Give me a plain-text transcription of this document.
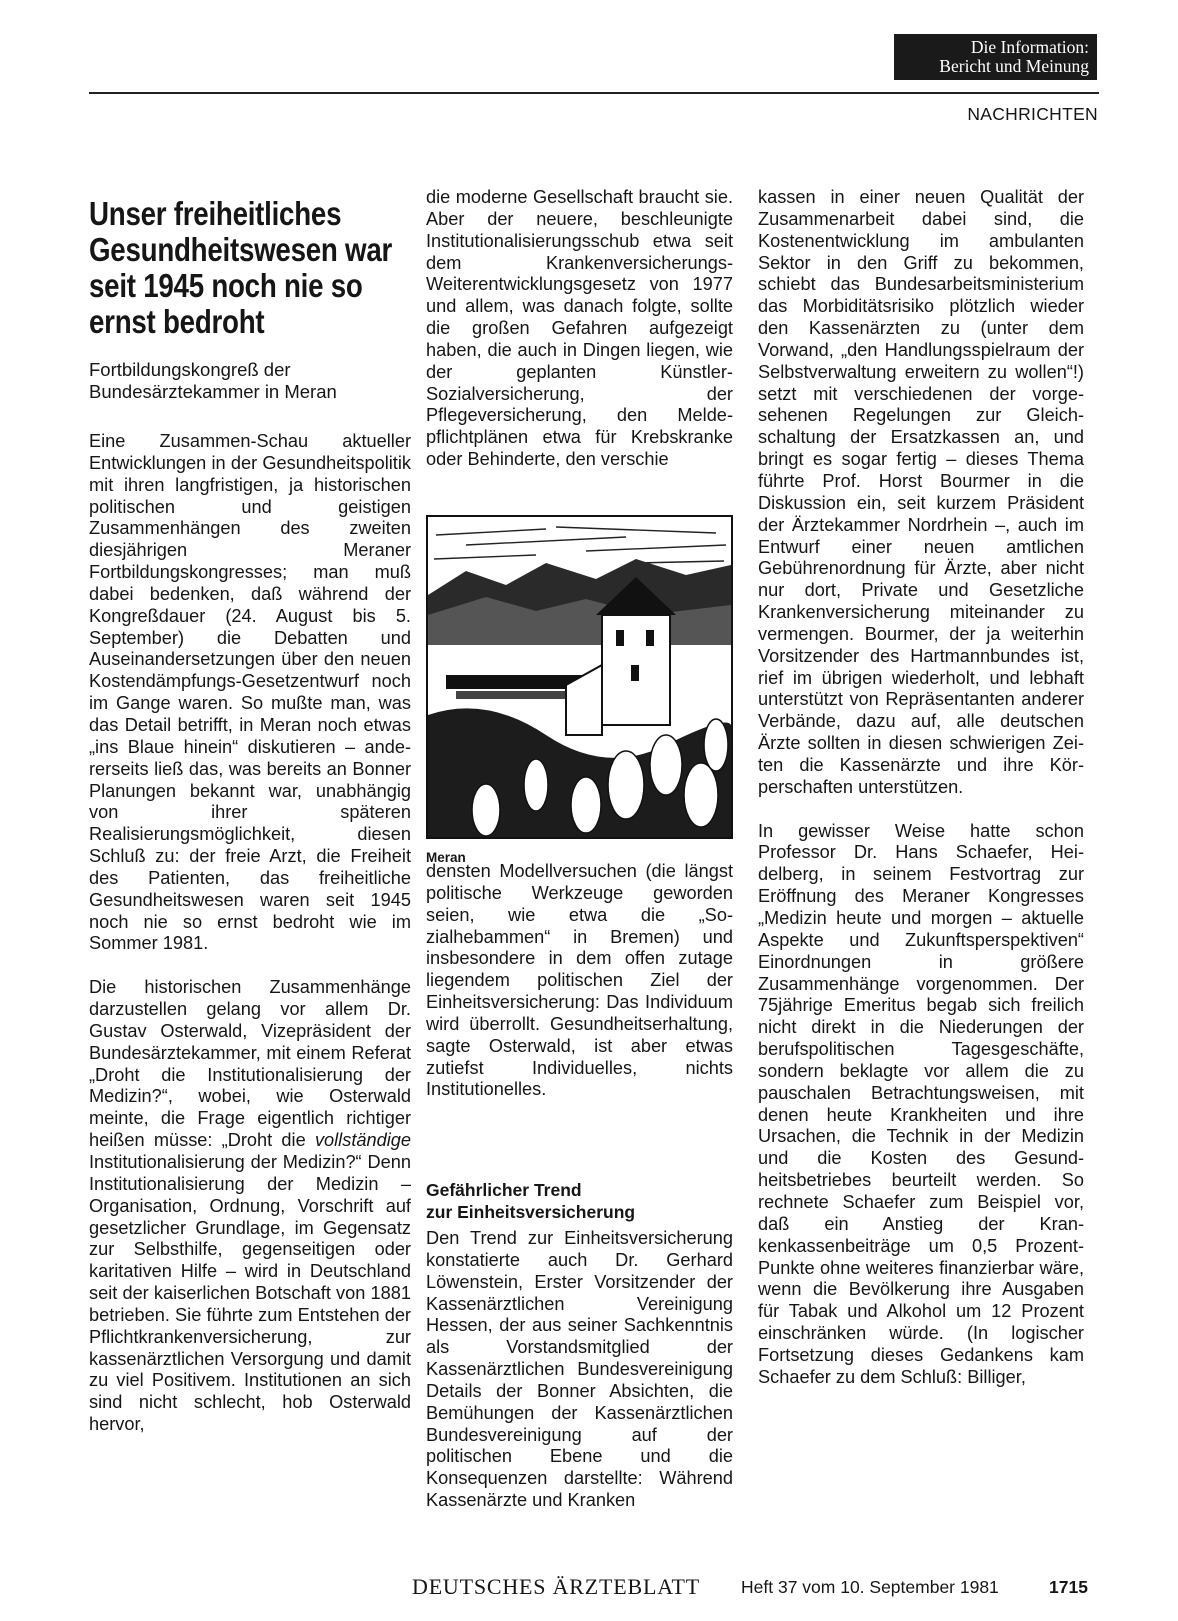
Die Information:
Bericht und Meinung
NACHRICHTEN
Unser freiheitliches Gesundheitswesen war seit 1945 noch nie so ernst bedroht
Fortbildungskongreß der Bundesärztekammer in Meran

Eine Zusammen-Schau aktueller Entwicklungen in der Gesundheitspolitik mit ihren langfristigen, ja historischen politischen und geistigen Zusammenhängen des zweiten diesjährigen Meraner Fortbildungskongresses; man muß dabei bedenken, daß während der Kongreßdauer (24. August bis 5. September) die Debatten und Auseinandersetzungen über den neuen Kostendämpfungs-Gesetzentwurf noch im Gange waren. So mußte man, was das Detail betrifft, in Meran noch etwas „ins Blaue hinein“ diskutieren – andererseits ließ das, was bereits an Bonner Planungen bekannt war, unabhängig von ihrer späteren Realisierungsmöglichkeit, diesen Schluß zu: der freie Arzt, die Freiheit des Patienten, das freiheitliche Gesundheitswesen waren seit 1945 noch nie so ernst bedroht wie im Sommer 1981.

Die historischen Zusammenhänge darzustellen gelang vor allem Dr. Gustav Osterwald, Vizepräsident der Bundesärztekammer, mit einem Referat „Droht die Institutionalisierung der Medizin?“, wobei, wie Osterwald meinte, die Frage eigentlich richtiger heißen müsse: „Droht die vollständige Institutionalisierung der Medizin?“ Denn Institutionalisierung der Medizin – Organisation, Ordnung, Vorschrift auf gesetzlicher Grundlage, im Gegensatz zur Selbsthilfe, gegenseitigen oder karitativen Hilfe – wird in Deutschland seit der kaiserlichen Botschaft von 1881 betrieben. Sie führte zum Entstehen der Pflichtkrankenversicherung, zur kassenärztlichen Versorgung und damit zu viel Positivem. Institutionen an sich sind nicht schlecht, hob Osterwald hervor,

die moderne Gesellschaft braucht sie. Aber der neuere, beschleunigte Institutionalisierungsschub etwa seit dem Krankenversicherungs-Weiterentwicklungsgesetz von 1977 und allem, was danach folgte, sollte die großen Gefahren aufgezeigt haben, die auch in Dingen liegen, wie der geplanten Künstler-Sozialversicherung, der Pflegeversicherung, den Meldepflichtplänen etwa für Krebskranke oder Behinderte, den verschie

Meran

densten Modellversuchen (die längst politische Werkzeuge geworden seien, wie etwa die „Sozialhebammen“ in Bremen) und insbesondere in dem offen zutage liegendem politischen Ziel der Einheitsversicherung: Das Individuum wird überrollt. Gesundheitserhaltung, sagte Osterwald, ist aber etwas zutiefst Individuelles, nichts Institutionelles.

Gefährlicher Trend
zur Einheitsversicherung

Den Trend zur Einheitsversicherung konstatierte auch Dr. Gerhard Löwenstein, Erster Vorsitzender der Kassenärztlichen Vereinigung Hessen, der aus seiner Sachkenntnis als Vorstandsmitglied der Kassenärztlichen Bundesvereinigung Details der Bonner Absichten, die Bemühungen der Kassenärztlichen Bundesvereinigung auf der politischen Ebene und die Konsequenzen darstellte: Während Kassenärzte und Kranken

kassen in einer neuen Qualität der Zusammenarbeit dabei sind, die Kostenentwicklung im ambulanten Sektor in den Griff zu bekommen, schiebt das Bundesarbeitsministerium das Morbiditätsrisiko plötzlich wieder den Kassenärzten zu (unter dem Vorwand, „den Handlungsspielraum der Selbstverwaltung erweitern zu wollen“!) setzt mit verschiedenen der vorgesehenen Regelungen zur Gleichschaltung der Ersatzkassen an, und bringt es sogar fertig – dieses Thema führte Prof. Horst Bourmer in die Diskussion ein, seit kurzem Präsident der Ärztekammer Nordrhein –, auch im Entwurf einer neuen amtlichen Gebührenordnung für Ärzte, aber nicht nur dort, Private und Gesetzliche Krankenversicherung miteinander zu vermengen. Bourmer, der ja weiterhin Vorsitzender des Hartmannbundes ist, rief im übrigen wiederholt, und lebhaft unterstützt von Repräsentanten anderer Verbände, dazu auf, alle deutschen Ärzte sollten in diesen schwierigen Zeiten die Kassenärzte und ihre Körperschaften unterstützen.

In gewisser Weise hatte schon Professor Dr. Hans Schaefer, Heidelberg, in seinem Festvortrag zur Eröffnung des Meraner Kongresses „Medizin heute und morgen – aktuelle Aspekte und Zukunftsperspektiven“ Einordnungen in größere Zusammenhänge vorgenommen. Der 75jährige Emeritus begab sich freilich nicht direkt in die Niederungen der berufspolitischen Tagesgeschäfte, sondern beklagte vor allem die zu pauschalen Betrachtungsweisen, mit denen heute Krankheiten und ihre Ursachen, die Technik in der Medizin und die Kosten des Gesundheitsbetriebes beurteilt werden. So rechnete Schaefer zum Beispiel vor, daß ein Anstieg der Krankenkassenbeiträge um 0,5 Prozent-Punkte ohne weiteres finanzierbar wäre, wenn die Bevölkerung ihre Ausgaben für Tabak und Alkohol um 12 Prozent einschränken würde. (In logischer Fortsetzung dieses Gedankens kam Schaefer zu dem Schluß: Billiger,

DEUTSCHES ÄRZTEBLATT Heft 37 vom 10. September 1981	1715
